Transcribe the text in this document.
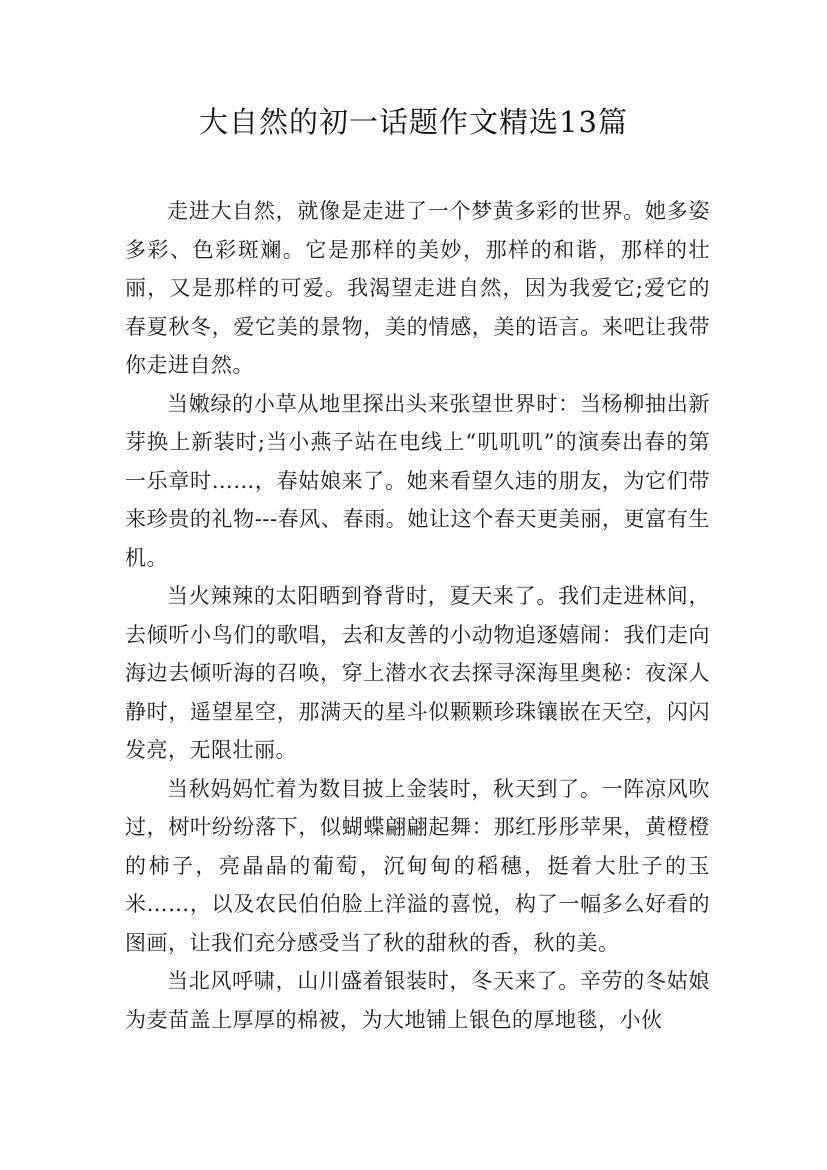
大自然的初一话题作文精选13篇

走进大自然，就像是走进了一个梦黄多彩的世界。她多姿多彩、色彩斑斓。它是那样的美妙，那样的和谐，那样的壮丽，又是那样的可爱。我渴望走进自然，因为我爱它;爱它的春夏秋冬，爱它美的景物，美的情感，美的语言。来吧让我带你走进自然。

当嫩绿的小草从地里探出头来张望世界时：当杨柳抽出新芽换上新装时;当小燕子站在电线上“叽叽叽”的演奏出春的第一乐章时……，春姑娘来了。她来看望久违的朋友，为它们带来珍贵的礼物---春风、春雨。她让这个春天更美丽，更富有生机。

当火辣辣的太阳晒到脊背时，夏天来了。我们走进林间，去倾听小鸟们的歌唱，去和友善的小动物追逐嬉闹：我们走向海边去倾听海的召唤，穿上潜水衣去探寻深海里奥秘：夜深人静时，遥望星空，那满天的星斗似颗颗珍珠镶嵌在天空，闪闪发亮，无限壮丽。

当秋妈妈忙着为数目披上金装时，秋天到了。一阵凉风吹过，树叶纷纷落下，似蝴蝶翩翩起舞：那红彤彤苹果，黄橙橙的柿子，亮晶晶的葡萄，沉甸甸的稻穗，挺着大肚子的玉米……，以及农民伯伯脸上洋溢的喜悦，构了一幅多么好看的图画，让我们充分感受当了秋的甜秋的香，秋的美。

当北风呼啸，山川盛着银装时，冬天来了。辛劳的冬姑娘为麦苗盖上厚厚的棉被，为大地铺上银色的厚地毯，小伙
